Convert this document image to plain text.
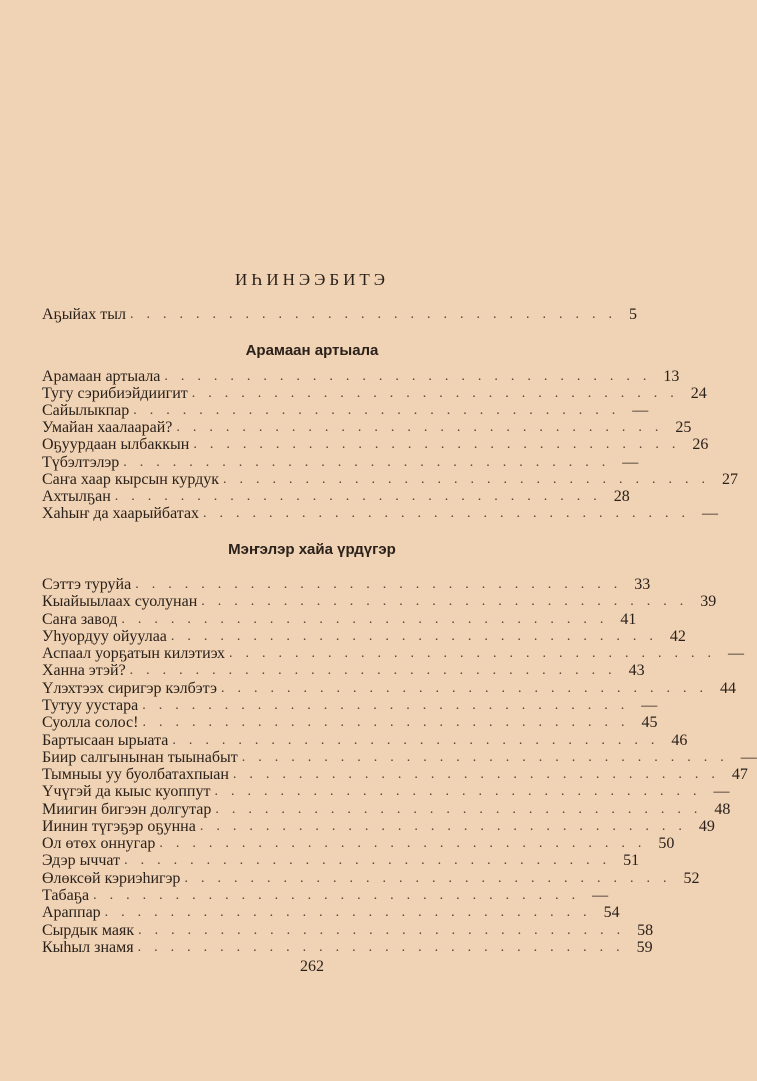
ИҺИНЭЭБИТЭ
Аҕыйах тыл .............................. 5
Арамаан артыала
Арамаан артыала .............................. 13
Тугу сэрибиэйдиигит .............................. 24
Сайылыкпар .............................. —
Умайан хаалаарай? .............................. 25
Оҕуурдаан ылбаккын .............................. 26
Түбэлтэлэр .............................. —
Саҥа хаар кырсын курдук .............................. 27
Ахтылҕан .............................. 28
Хаһыҥ да хаарыйбатах .............................. —
Мэҥэлэр хайа үрдүгэр
Сэттэ туруйа .............................. 33
Кыайыылаах суолунан .............................. 39
Саҥа завод .............................. 41
Уһуордуу ойуулаа .............................. 42
Аспаал уорҕатын килэтиэх .............................. —
Ханна этэй? .............................. 43
Үлэхтээх сиригэр кэлбэтэ .............................. 44
Тутуу уустара .............................. —
Суолла солос! .............................. 45
Бартысаан ырыата .............................. 46
Биир салгынынан тыынабыт .............................. —
Тымныы уу буолбатахпыан .............................. 47
Үчүгэй да кыыс куоппут .............................. —
Миигин бигээн долгутар .............................. 48
Иинин түгэҕэр оҕунна .............................. 49
Ол өтөх оннугар .............................. 50
Эдэр ыччат .............................. 51
Өлөксөй кэриэһигэр .............................. 52
Табаҕа .............................. —
Араппар .............................. 54
Сырдык маяк .............................. 58
Кыһыл знамя .............................. 59
262
